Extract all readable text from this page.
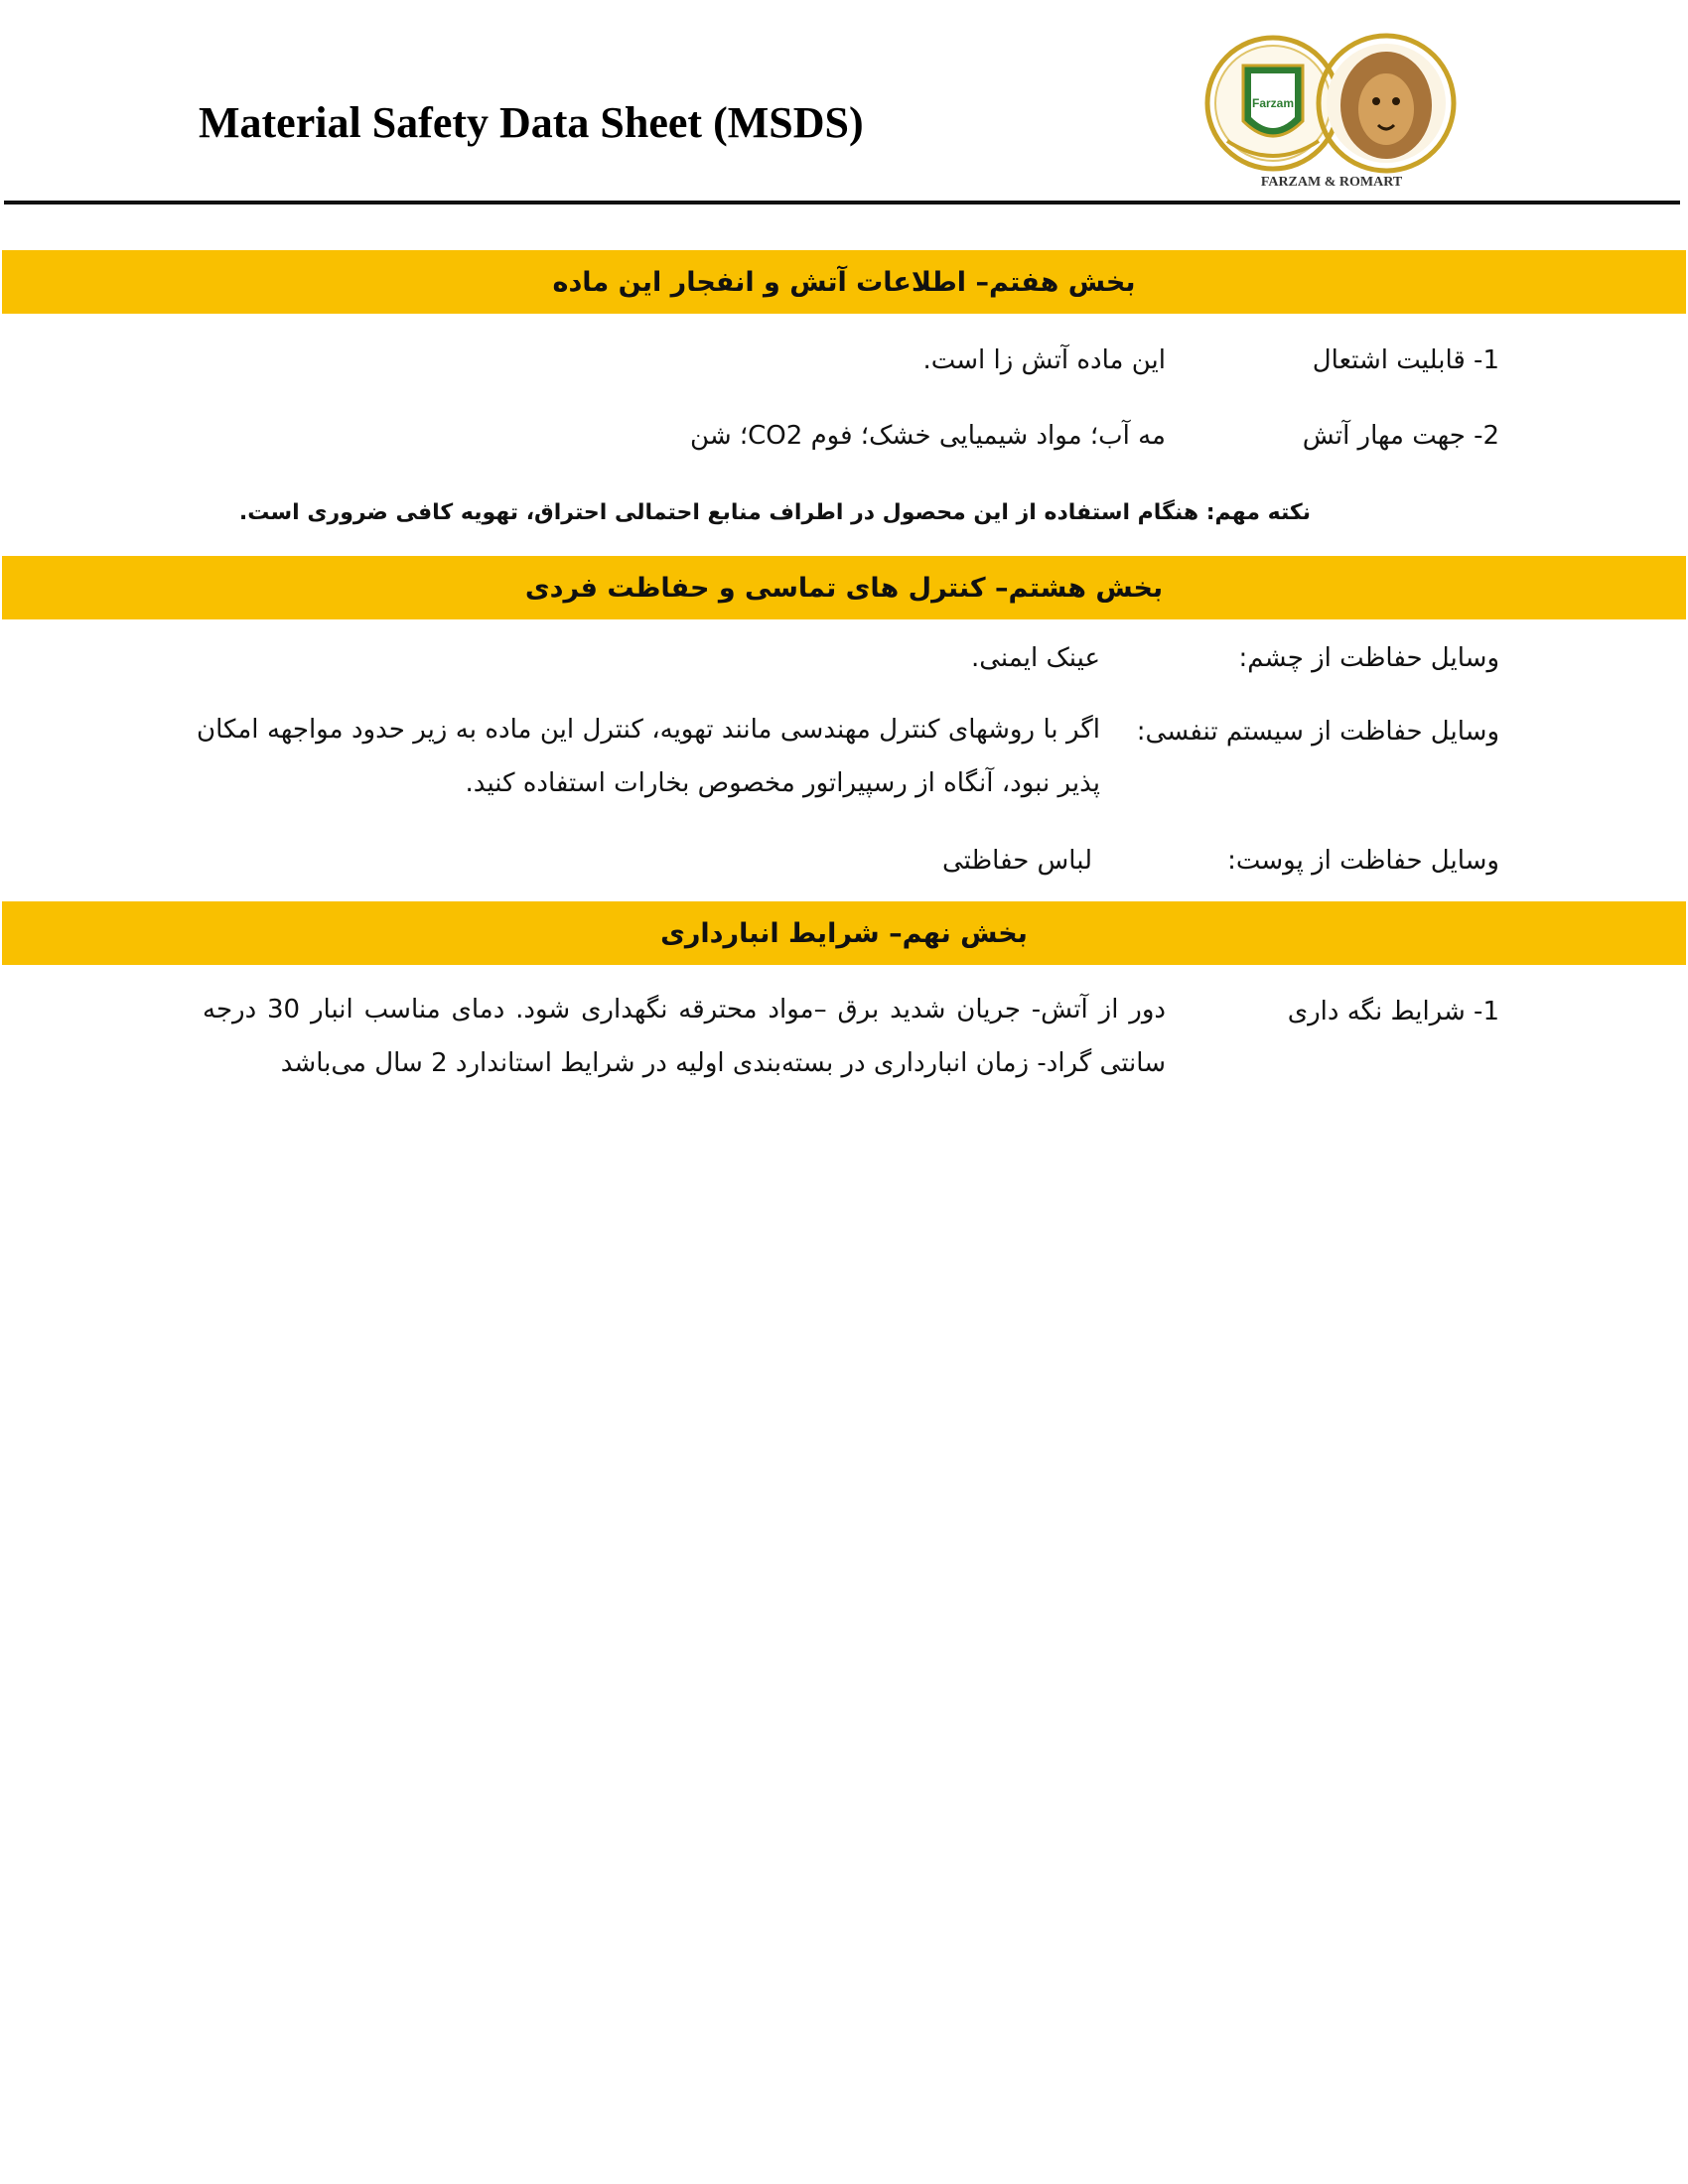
Material Safety Data Sheet (MSDS)	Farzam
FARZAM & ROMART
بخش هفتم– اطلاعات آتش و انفجار این ماده
1- قابلیت اشتعال
این ماده آتش زا است.
2- جهت مهار آتش
مه آب؛ مواد شیمیایی خشک؛ فوم CO2؛ شن
نکته مهم: هنگام استفاده از این محصول در اطراف منابع احتمالی احتراق، تهویه کافی ضروری است.
بخش هشتم– کنترل های تماسی و حفاظت فردی
وسایل حفاظت از چشم:
عینک ایمنی.
وسایل حفاظت از سیستم تنفسی:
اگر با روشهای کنترل مهندسی مانند تهویه، کنترل این ماده به زیر حدود مواجهه امکان پذیر نبود، آنگاه از رسپیراتور مخصوص بخارات استفاده کنید.
وسایل حفاظت از پوست:
لباس حفاظتی
بخش نهم– شرایط انبارداری
1- شرایط نگه داری
دور از آتش- جریان شدید برق –مواد محترقه نگهداری شود. دمای مناسب انبار 30 درجه سانتی گراد- زمان انبارداری در بسته‌بندی اولیه در شرایط استاندارد 2 سال می‌باشد
